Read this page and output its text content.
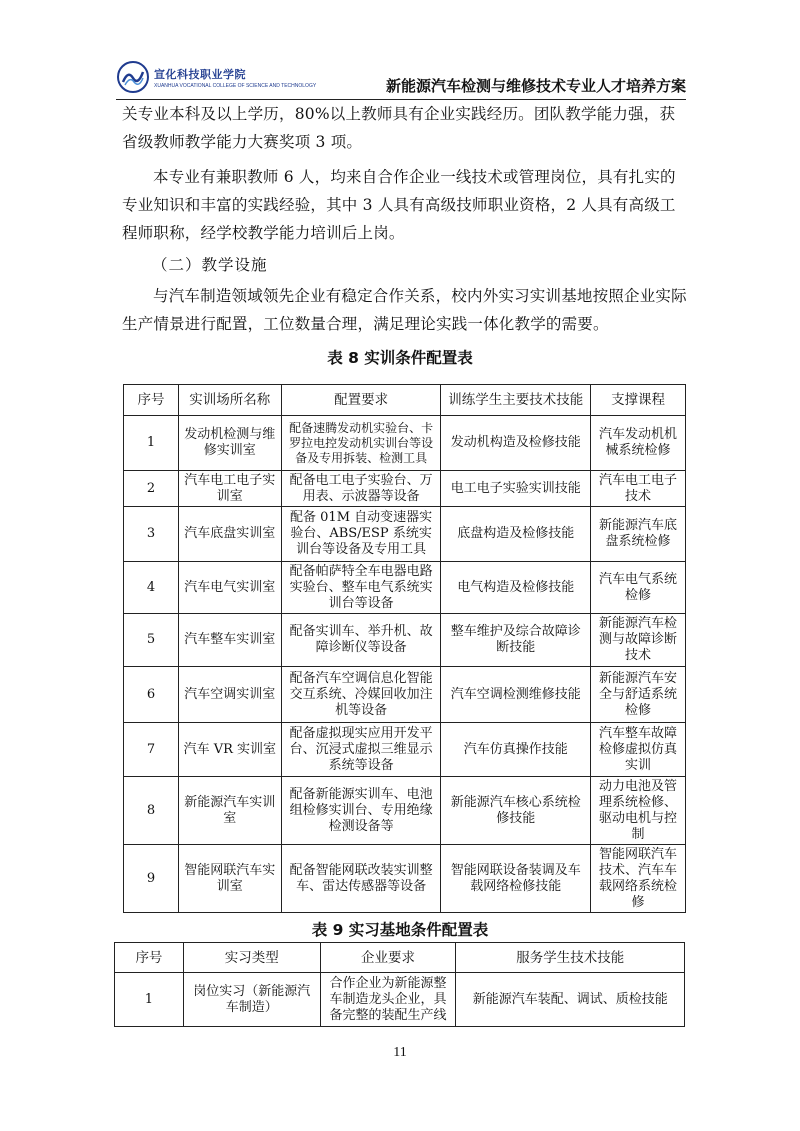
宣化科技职业学院
XUANHUA VOCATIONAL COLLEGE OF SCIENCE AND TECHNOLOGY	新能源汽车检测与维修技术专业人才培养方案

关专业本科及以上学历，80%以上教师具有企业实践经历。团队教学能力强，获省级教师教学能力大赛奖项 3 项。

本专业有兼职教师 6 人，均来自合作企业一线技术或管理岗位，具有扎实的专业知识和丰富的实践经验，其中 3 人具有高级技师职业资格，2 人具有高级工程师职称，经学校教学能力培训后上岗。

（二）教学设施

与汽车制造领域领先企业有稳定合作关系，校内外实习实训基地按照企业实际生产情景进行配置，工位数量合理，满足理论实践一体化教学的需要。

表 8 实训条件配置表
序号	实训场所名称	配置要求	训练学生主要技术技能	支撑课程
1	发动机检测与维修实训室	配备速腾发动机实验台、卡罗拉电控发动机实训台等设备及专用拆装、检测工具	发动机构造及检修技能	汽车发动机机械系统检修
2	汽车电工电子实训室	配备电工电子实验台、万用表、示波器等设备	电工电子实验实训技能	汽车电工电子技术
3	汽车底盘实训室	配备 01M 自动变速器实验台、ABS/ESP 系统实训台等设备及专用工具	底盘构造及检修技能	新能源汽车底盘系统检修
4	汽车电气实训室	配备帕萨特全车电器电路实验台、整车电气系统实训台等设备	电气构造及检修技能	汽车电气系统检修
5	汽车整车实训室	配备实训车、举升机、故障诊断仪等设备	整车维护及综合故障诊断技能	新能源汽车检测与故障诊断技术
6	汽车空调实训室	配备汽车空调信息化智能交互系统、冷媒回收加注机等设备	汽车空调检测维修技能	新能源汽车安全与舒适系统检修
7	汽车 VR 实训室	配备虚拟现实应用开发平台、沉浸式虚拟三维显示系统等设备	汽车仿真操作技能	汽车整车故障检修虚拟仿真实训
8	新能源汽车实训室	配备新能源实训车、电池组检修实训台、专用绝缘检测设备等	新能源汽车核心系统检修技能	动力电池及管理系统检修、驱动电机与控制
9	智能网联汽车实训室	配备智能网联改装实训整车、雷达传感器等设备	智能网联设备装调及车载网络检修技能	智能网联汽车技术、汽车车载网络系统检修
表 9 实习基地条件配置表
序号	实习类型	企业要求	服务学生技术技能
1	岗位实习（新能源汽车制造）	合作企业为新能源整车制造龙头企业，具备完整的装配生产线	新能源汽车装配、调试、质检技能
11
